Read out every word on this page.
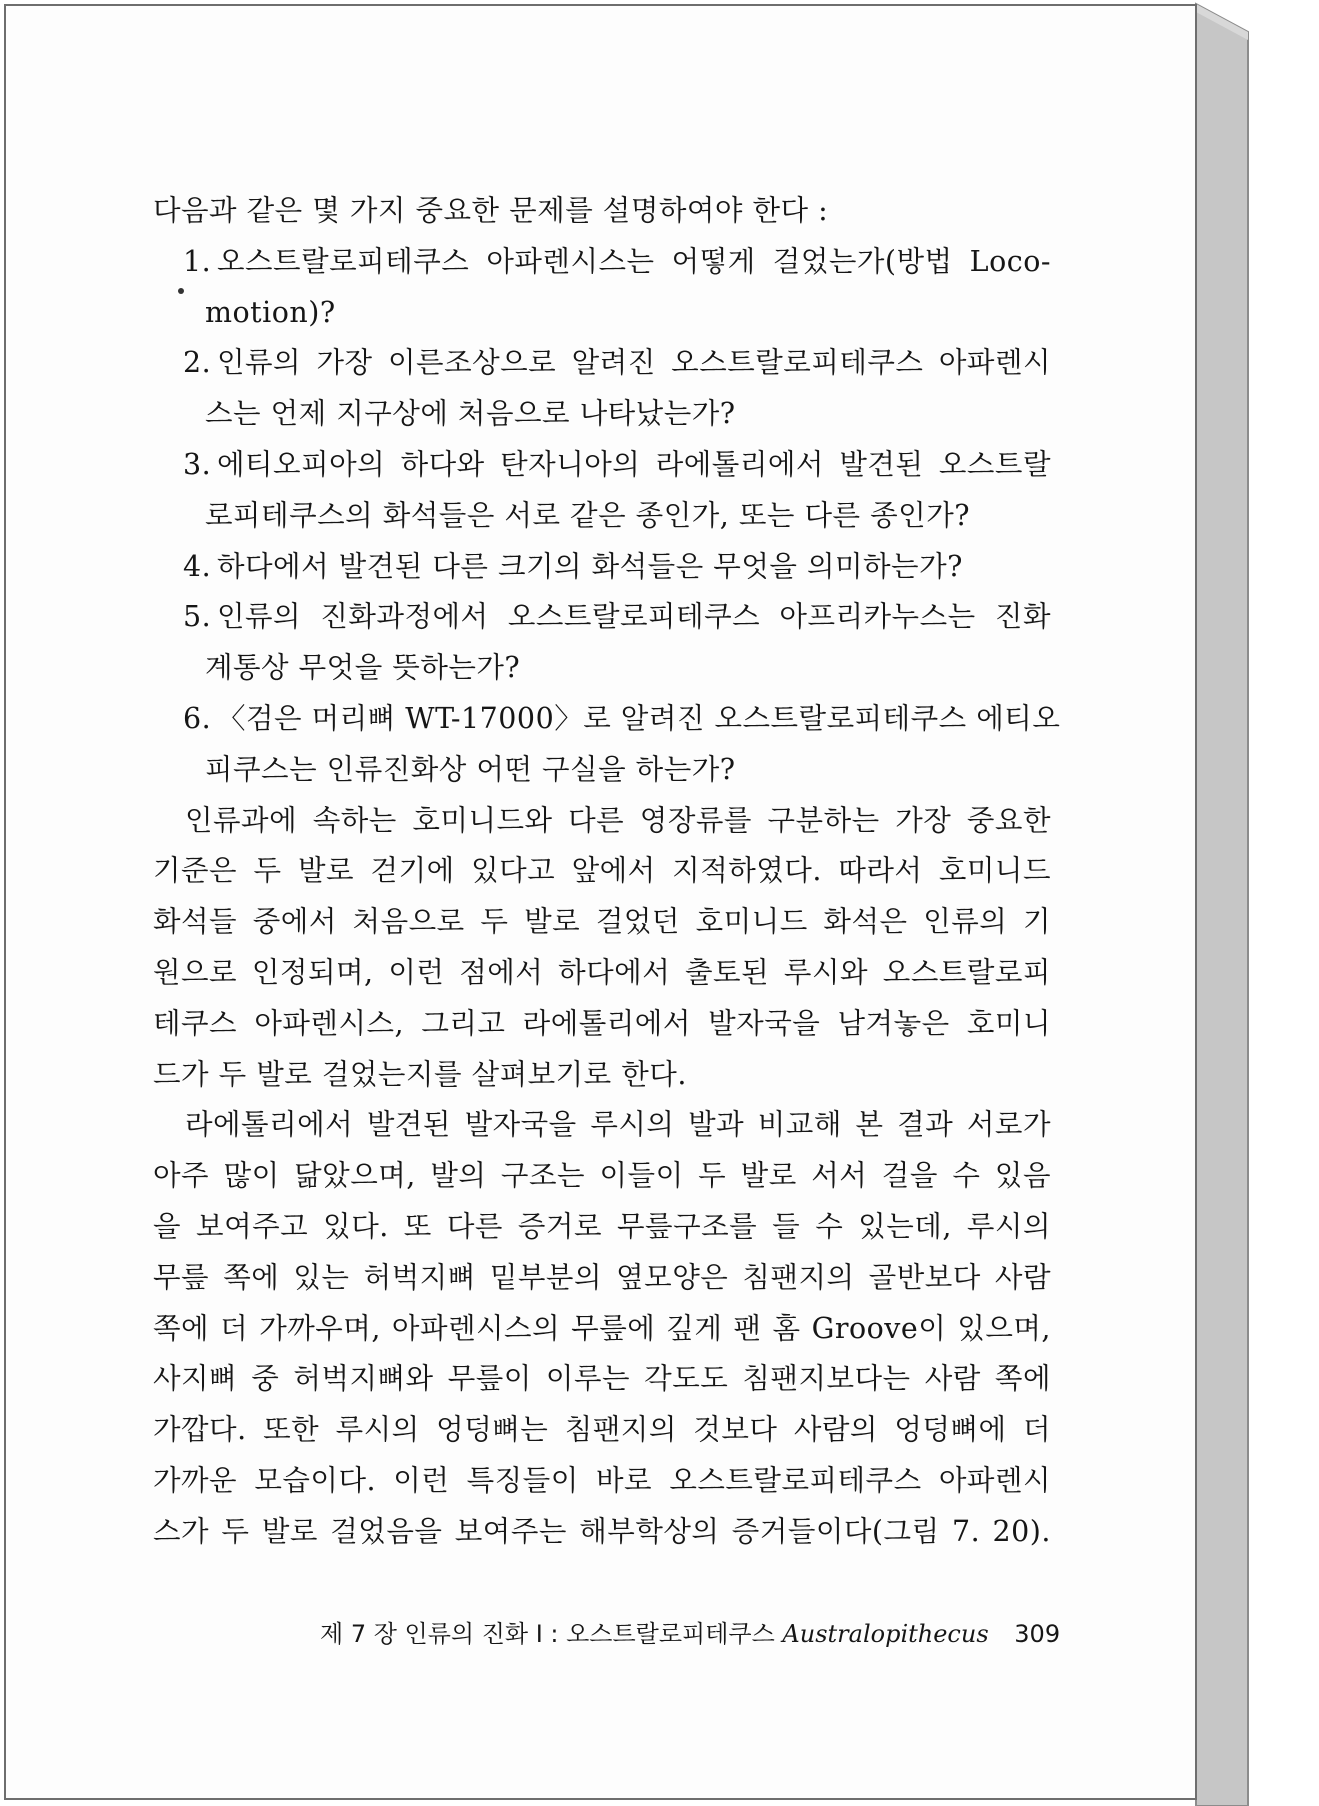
다음과 같은 몇 가지 중요한 문제를 설명하여야 한다 :
1. 오스트랄로피테쿠스 아파렌시스는 어떻게 걸었는가(방법 Loco-
motion)?
2. 인류의 가장 이른조상으로 알려진 오스트랄로피테쿠스 아파렌시
스는 언제 지구상에 처음으로 나타났는가?
3. 에티오피아의 하다와 탄자니아의 라에톨리에서 발견된 오스트랄
로피테쿠스의 화석들은 서로 같은 종인가, 또는 다른 종인가?
4. 하다에서 발견된 다른 크기의 화석들은 무엇을 의미하는가?
5. 인류의 진화과정에서 오스트랄로피테쿠스 아프리카누스는 진화
계통상 무엇을 뜻하는가?
6. 〈검은 머리뼈 WT-17000〉로 알려진 오스트랄로피테쿠스 에티오
피쿠스는 인류진화상 어떤 구실을 하는가?
인류과에 속하는 호미니드와 다른 영장류를 구분하는 가장 중요한
기준은 두 발로 걷기에 있다고 앞에서 지적하였다. 따라서 호미니드
화석들 중에서 처음으로 두 발로 걸었던 호미니드 화석은 인류의 기
원으로 인정되며, 이런 점에서 하다에서 출토된 루시와 오스트랄로피
테쿠스 아파렌시스, 그리고 라에톨리에서 발자국을 남겨놓은 호미니
드가 두 발로 걸었는지를 살펴보기로 한다.
라에톨리에서 발견된 발자국을 루시의 발과 비교해 본 결과 서로가
아주 많이 닮았으며, 발의 구조는 이들이 두 발로 서서 걸을 수 있음
을 보여주고 있다. 또 다른 증거로 무릎구조를 들 수 있는데, 루시의
무릎 쪽에 있는 허벅지뼈 밑부분의 옆모양은 침팬지의 골반보다 사람
쪽에 더 가까우며, 아파렌시스의 무릎에 깊게 팬 홈 Groove이 있으며,
사지뼈 중 허벅지뼈와 무릎이 이루는 각도도 침팬지보다는 사람 쪽에
가깝다. 또한 루시의 엉덩뼈는 침팬지의 것보다 사람의 엉덩뼈에 더
가까운 모습이다. 이런 특징들이 바로 오스트랄로피테쿠스 아파렌시
스가 두 발로 걸었음을 보여주는 해부학상의 증거들이다(그림 7. 20).
제 7 장 인류의 진화 Ⅰ : 오스트랄로피테쿠스 Australopithecus 309
